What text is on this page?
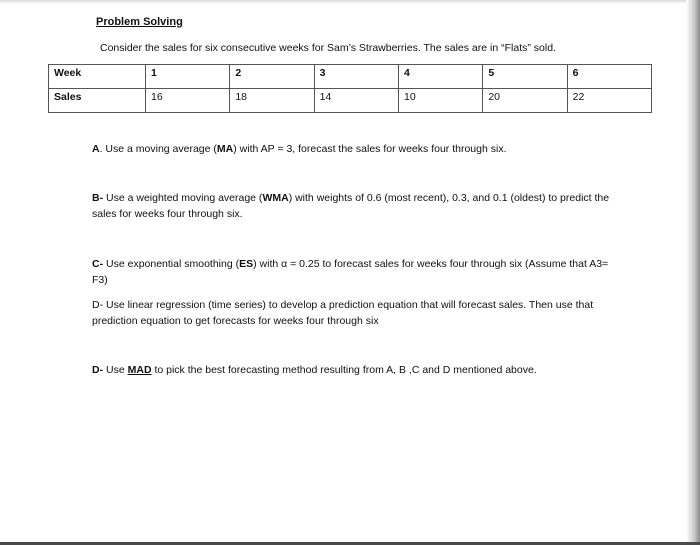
Problem Solving
Consider the sales for six consecutive weeks for Sam’s Strawberries. The sales are in “Flats” sold.
Week	1	2	3	4	5	6
Sales	16	18	14	10	20	22
A. Use a moving average (MA) with AP = 3, forecast the sales for weeks four through six.
B- Use a weighted moving average (WMA) with weights of 0.6 (most recent), 0.3, and 0.1 (oldest) to predict the sales for weeks four through six.
C- Use exponential smoothing (ES) with α = 0.25 to forecast sales for weeks four through six (Assume that A3= F3)
D- Use linear regression (time series) to develop a prediction equation that will forecast sales. Then use that prediction equation to get forecasts for weeks four through six
D- Use MAD to pick the best forecasting method resulting from A, B ,C and D mentioned above.
